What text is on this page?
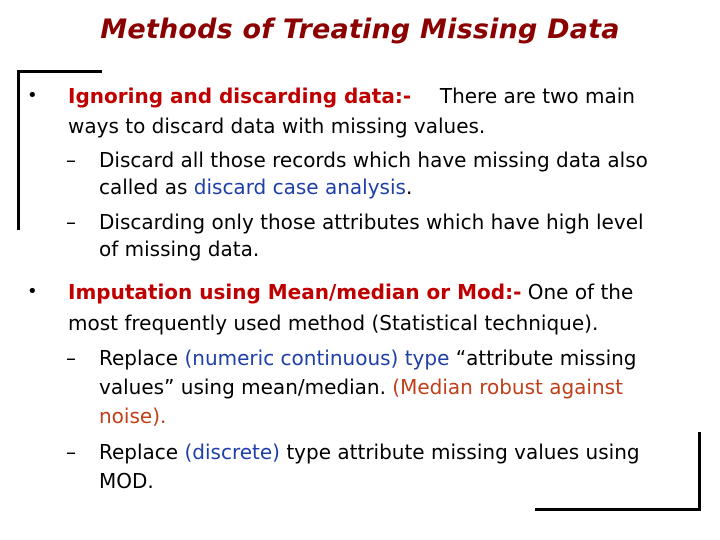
Methods of Treating Missing Data
• Ignoring and discarding data:- There are two main
ways to discard data with missing values.
– Discard all those records which have missing data also
called as discard case analysis.
– Discarding only those attributes which have high level
of missing data.
• Imputation using Mean/median or Mod:- One of the
most frequently used method (Statistical technique).
– Replace (numeric continuous) type “attribute missing
values” using mean/median. (Median robust against
noise).
– Replace (discrete) type attribute missing values using
MOD.
